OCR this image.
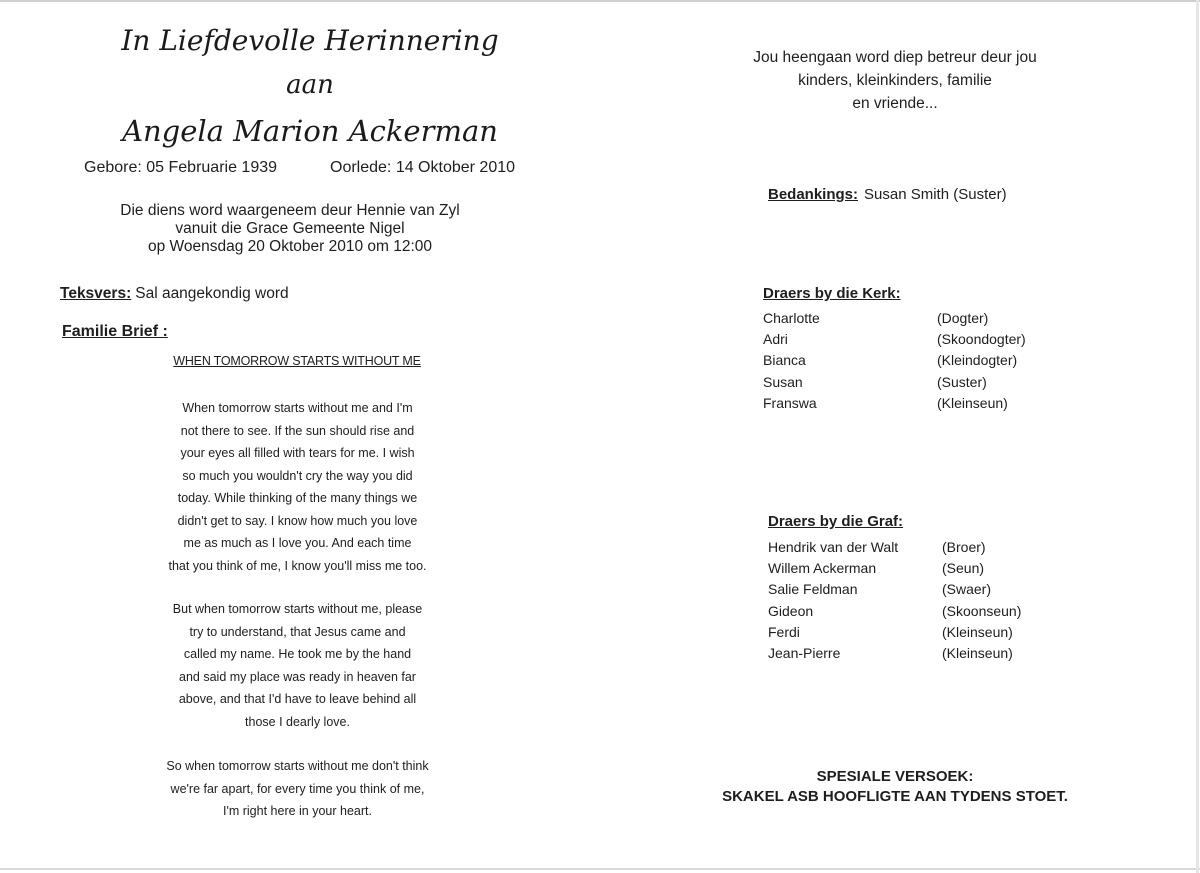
In Liefdevolle Herinnering
aan
Angela Marion Ackerman
Gebore: 05 Februarie 1939	Oorlede: 14 Oktober 2010
Die diens word waargeneem deur Hennie van Zyl
vanuit die Grace Gemeente Nigel
op Woensdag 20 Oktober 2010 om 12:00
Teksvers: Sal aangekondig word
Familie Brief :
WHEN TOMORROW STARTS WITHOUT ME
When tomorrow starts without me and I'm
not there to see. If the sun should rise and
your eyes all filled with tears for me. I wish
so much you wouldn't cry the way you did
today. While thinking of the many things we
didn't get to say. I know how much you love
me as much as I love you. And each time
that you think of me, I know you'll miss me too.
But when tomorrow starts without me, please
try to understand, that Jesus came and
called my name. He took me by the hand
and said my place was ready in heaven far
above, and that I'd have to leave behind all
those I dearly love.
So when tomorrow starts without me don't think
we're far apart, for every time you think of me,
I'm right here in your heart.
Jou heengaan word diep betreur deur jou
kinders, kleinkinders, familie
en vriende...
Bedankings: Susan Smith (Suster)
Draers by die Kerk:
Charlotte	(Dogter)
Adri	(Skoondogter)
Bianca	(Kleindogter)
Susan	(Suster)
Franswa	(Kleinseun)
Draers by die Graf:
Hendrik van der Walt	(Broer)
Willem Ackerman	(Seun)
Salie Feldman	(Swaer)
Gideon	(Skoonseun)
Ferdi	(Kleinseun)
Jean-Pierre	(Kleinseun)
SPESIALE VERSOEK:
SKAKEL ASB HOOFLIGTE AAN TYDENS STOET.
